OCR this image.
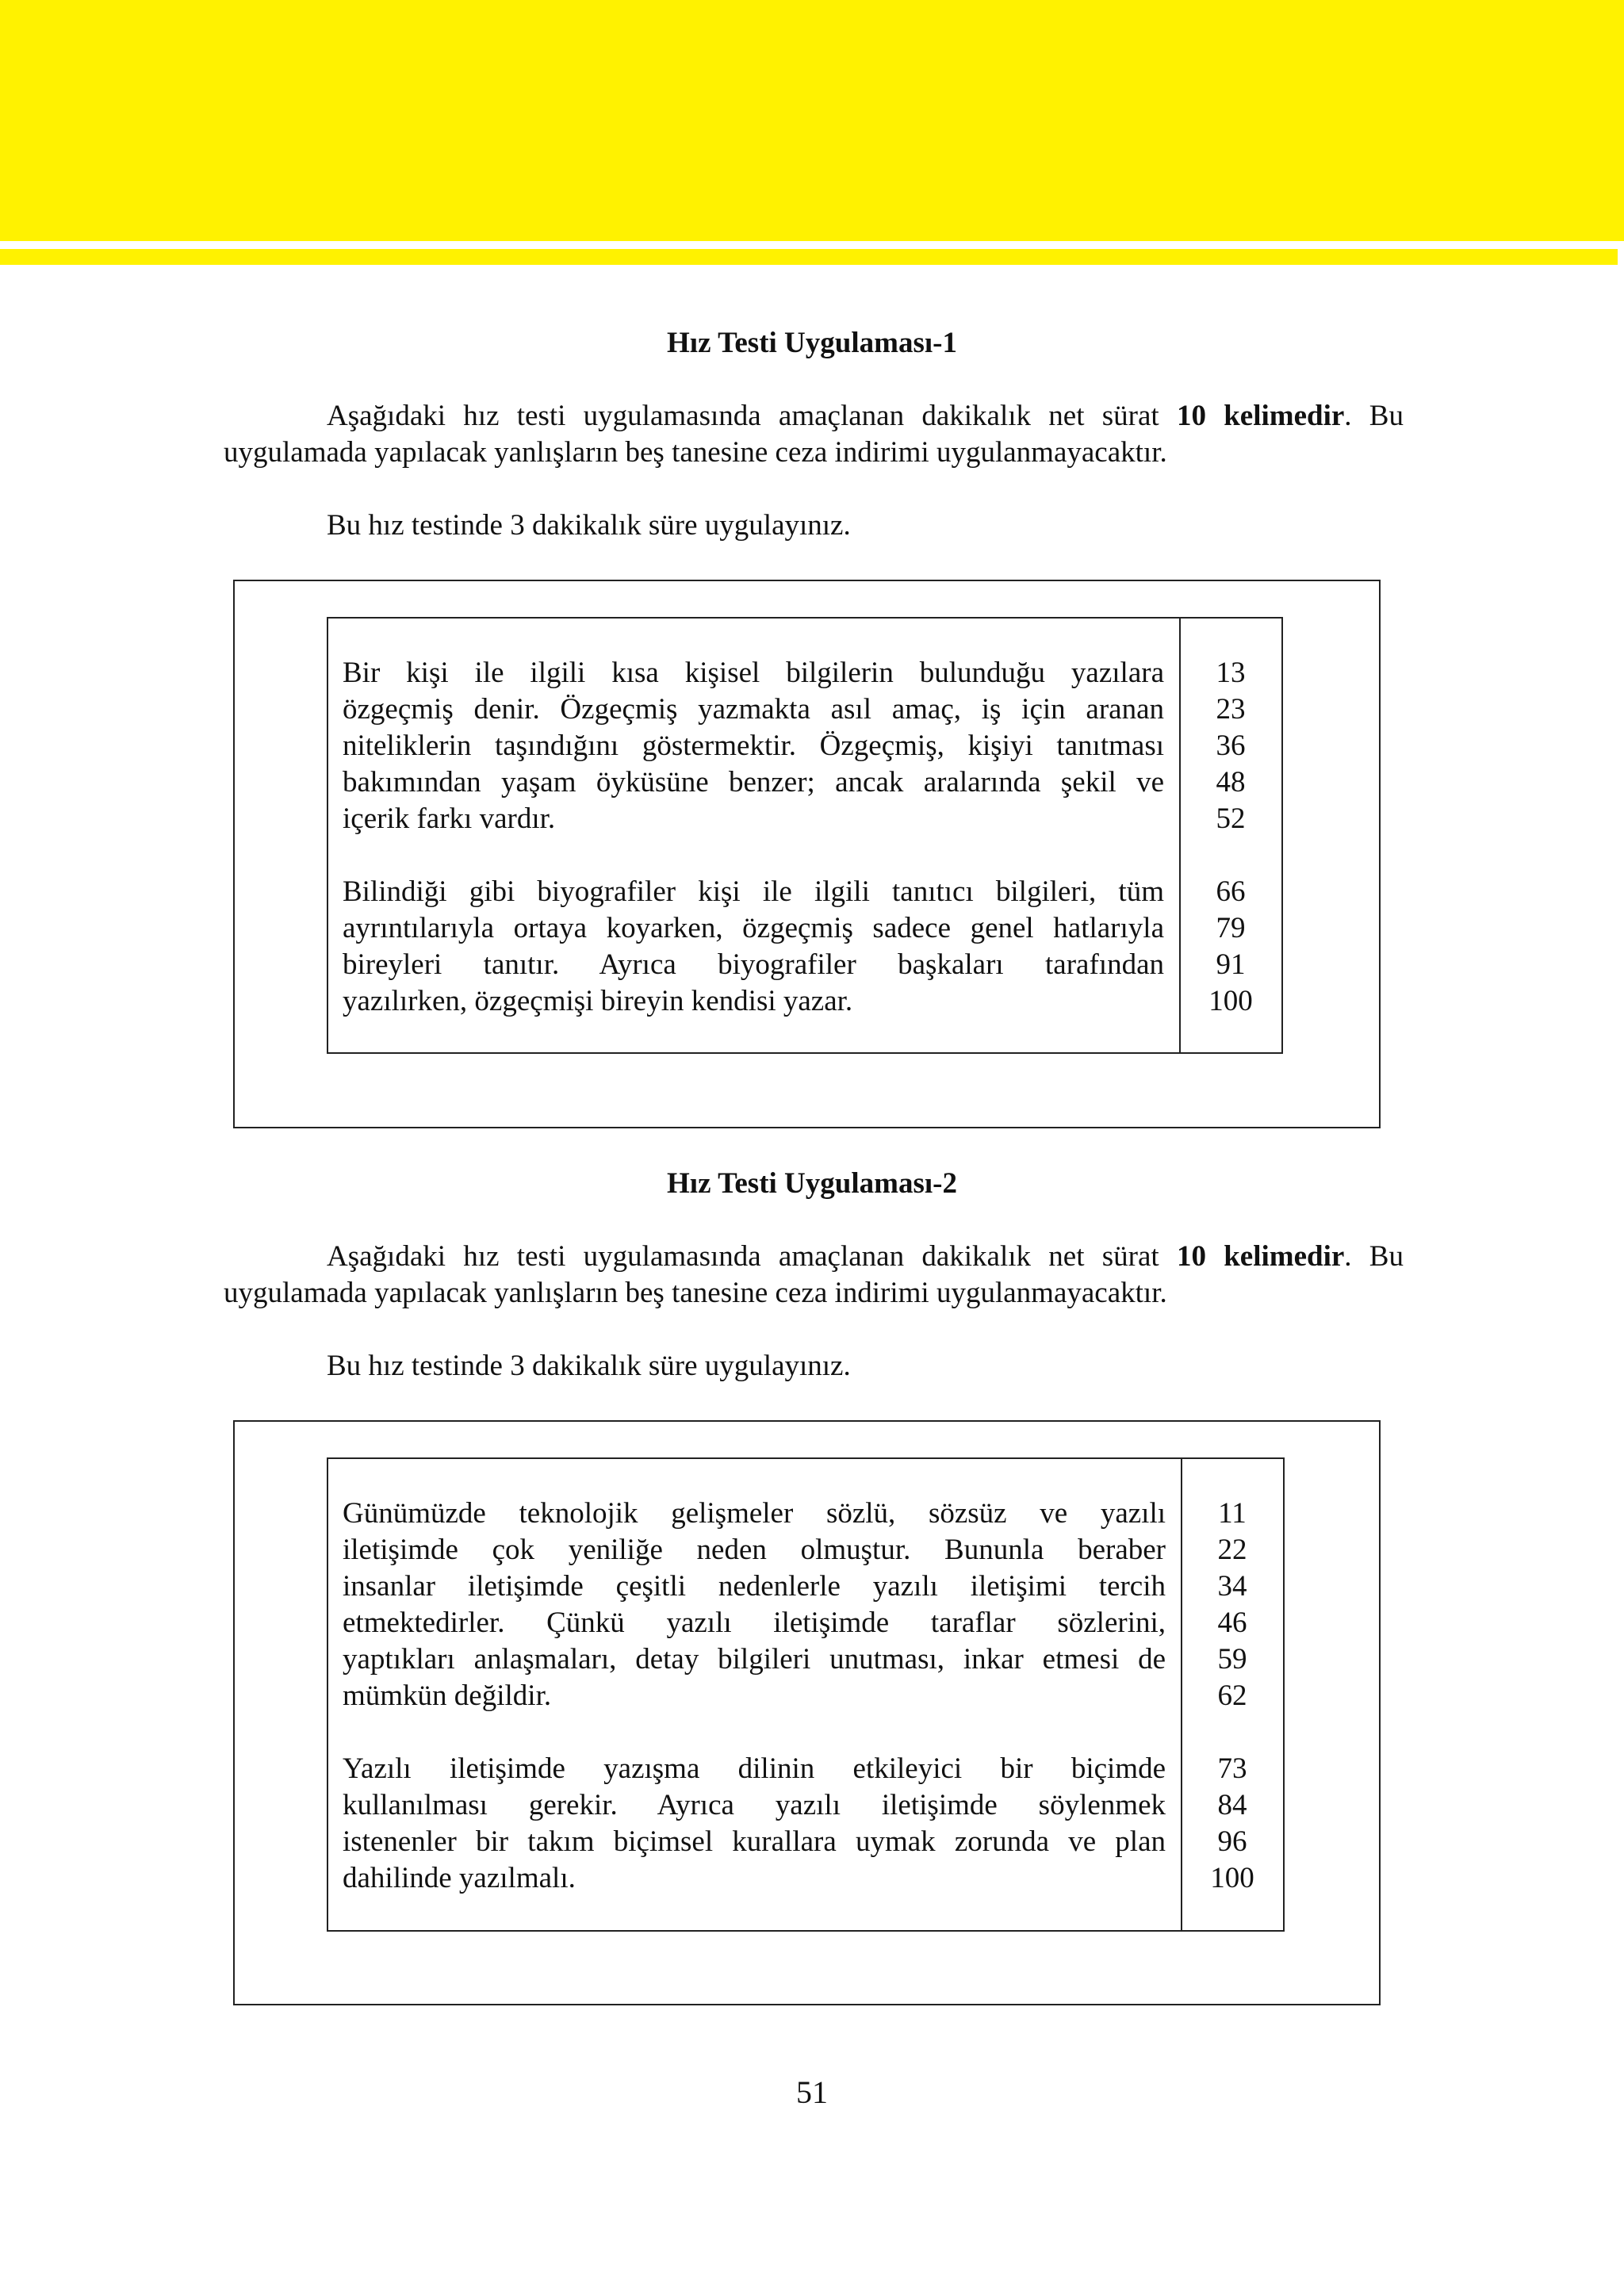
Hız Testi Uygulaması-1
Aşağıdaki hız testi uygulamasında amaçlanan dakikalık net sürat 10 kelimedir. Bu uygulamada yapılacak yanlışların beş tanesine ceza indirimi uygulanmayacaktır.
Bu hız testinde 3 dakikalık süre uygulayınız.

Bir kişi ile ilgili kısa kişisel bilgilerin bulunduğu yazılara
özgeçmiş denir. Özgeçmiş yazmakta asıl amaç, iş için aranan
niteliklerin taşındığını göstermektir. Özgeçmiş, kişiyi tanıtması
bakımından yaşam öyküsüne benzer; ancak aralarında şekil ve
içerik farkı vardır.

Bilindiği gibi biyografiler kişi ile ilgili tanıtıcı bilgileri, tüm
ayrıntılarıyla ortaya koyarken, özgeçmiş sadece genel hatlarıyla
bireyleri tanıtır. Ayrıca biyografiler başkaları tarafından
yazılırken, özgeçmişi bireyin kendisi yazar.

13
23
36
48
52
66
79
91
100
Hız Testi Uygulaması-2
Aşağıdaki hız testi uygulamasında amaçlanan dakikalık net sürat 10 kelimedir. Bu uygulamada yapılacak yanlışların beş tanesine ceza indirimi uygulanmayacaktır.
Bu hız testinde 3 dakikalık süre uygulayınız.

Günümüzde teknolojik gelişmeler sözlü, sözsüz ve yazılı
iletişimde çok yeniliğe neden olmuştur. Bununla beraber
insanlar iletişimde çeşitli nedenlerle yazılı iletişimi tercih
etmektedirler. Çünkü yazılı iletişimde taraflar sözlerini,
yaptıkları anlaşmaları, detay bilgileri unutması, inkar etmesi de
mümkün değildir.

Yazılı iletişimde yazışma dilinin etkileyici bir biçimde
kullanılması gerekir. Ayrıca yazılı iletişimde söylenmek
istenenler bir takım biçimsel kurallara uymak zorunda ve plan
dahilinde yazılmalı.

11
22
34
46
59
62
73
84
96
100
51
